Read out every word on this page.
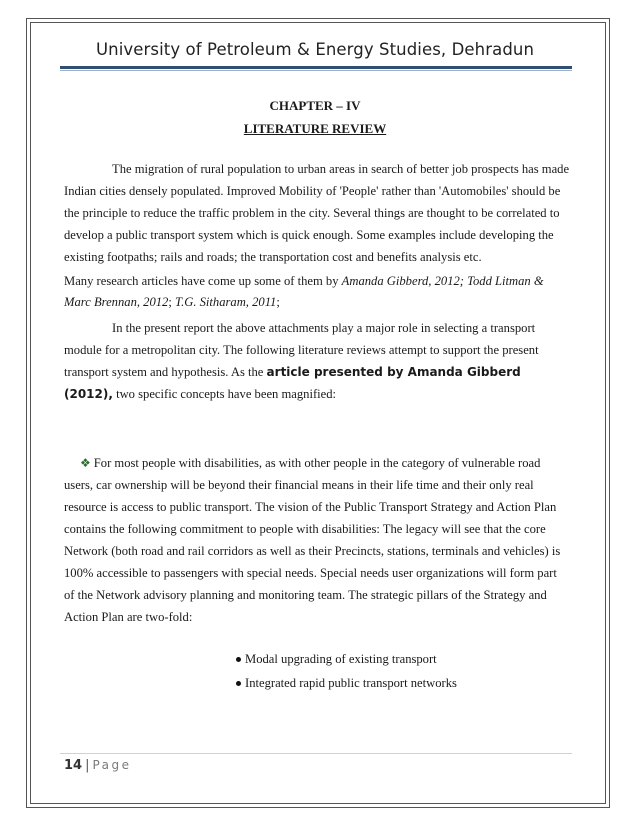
University of Petroleum & Energy Studies, Dehradun
CHAPTER – IV
LITERATURE REVIEW
The migration of rural population to urban areas in search of better job prospects has made Indian cities densely populated. Improved Mobility of 'People' rather than 'Automobiles' should be the principle to reduce the traffic problem in the city. Several things are thought to be correlated to develop a public transport system which is quick enough. Some examples include developing the existing footpaths; rails and roads; the transportation cost and benefits analysis etc.
Many research articles have come up some of them by Amanda Gibberd, 2012; Todd Litman & Marc Brennan, 2012; T.G. Sitharam, 2011;
In the present report the above attachments play a major role in selecting a transport module for a metropolitan city. The following literature reviews attempt to support the present transport system and hypothesis. As the article presented by Amanda Gibberd (2012), two specific concepts have been magnified:
❖ For most people with disabilities, as with other people in the category of vulnerable road users, car ownership will be beyond their financial means in their life time and their only real resource is access to public transport. The vision of the Public Transport Strategy and Action Plan contains the following commitment to people with disabilities: The legacy will see that the core Network (both road and rail corridors as well as their Precincts, stations, terminals and vehicles) is 100% accessible to passengers with special needs. Special needs user organizations will form part of the Network advisory planning and monitoring team. The strategic pillars of the Strategy and Action Plan are two-fold:
Modal upgrading of existing transport
Integrated rapid public transport networks
14 | Page
